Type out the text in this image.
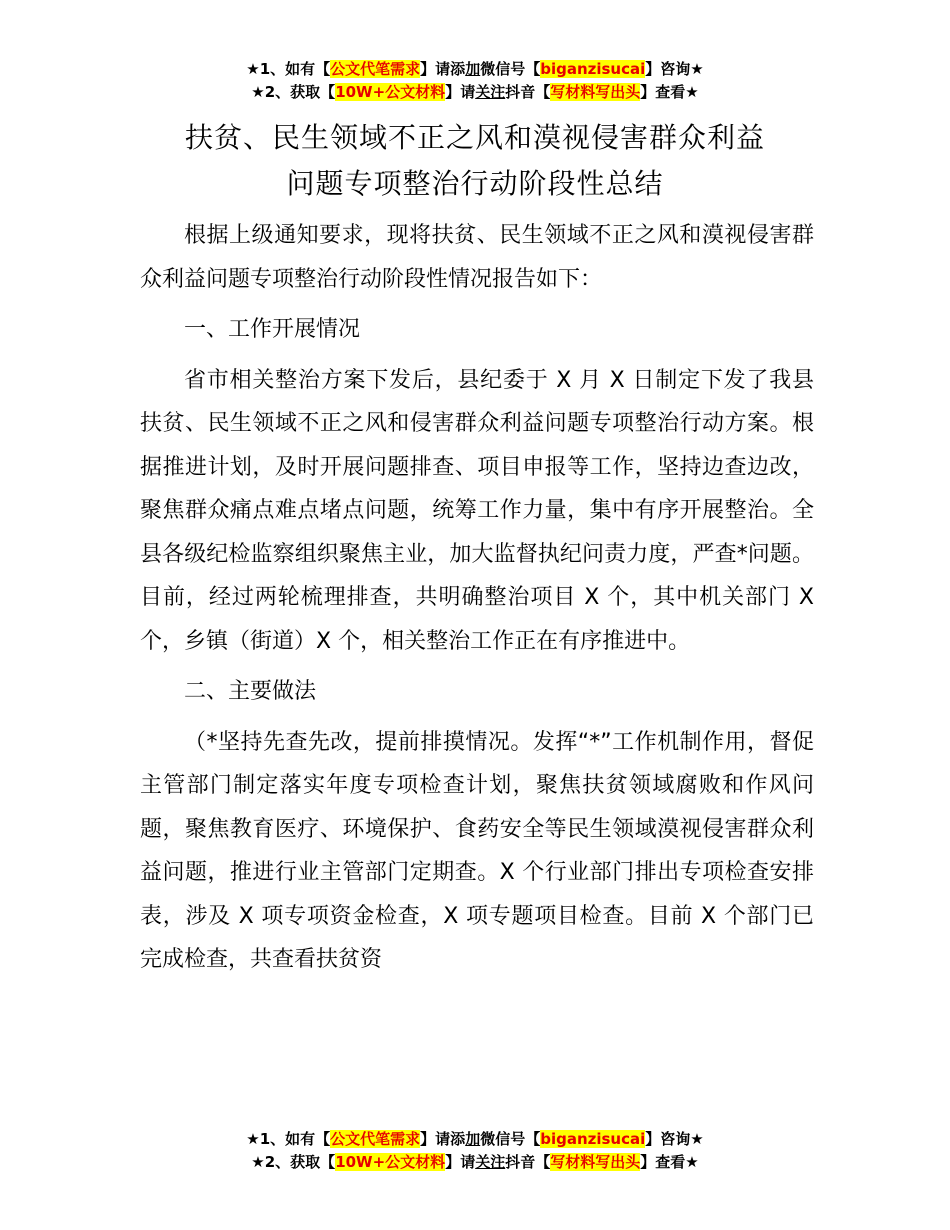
★1、如有【公文代笔需求】请添加微信号【biganzisucai】咨询★
★2、获取【10W+公文材料】请关注抖音【写材料写出头】查看★
扶贫、民生领域不正之风和漠视侵害群众利益
问题专项整治行动阶段性总结

根据上级通知要求，现将扶贫、民生领域不正之风和漠视侵害群众利益问题专项整治行动阶段性情况报告如下：

一、工作开展情况

省市相关整治方案下发后，县纪委于 X 月 X 日制定下发了我县扶贫、民生领域不正之风和侵害群众利益问题专项整治行动方案。根据推进计划，及时开展问题排查、项目申报等工作，坚持边查边改，聚焦群众痛点难点堵点问题，统筹工作力量，集中有序开展整治。全县各级纪检监察组织聚焦主业，加大监督执纪问责力度，严查*问题。目前，经过两轮梳理排查，共明确整治项目 X 个，其中机关部门 X 个，乡镇（街道）X 个，相关整治工作正在有序推进中。

二、主要做法

（*坚持先查先改，提前排摸情况。发挥“*”工作机制作用，督促主管部门制定落实年度专项检查计划，聚焦扶贫领域腐败和作风问题，聚焦教育医疗、环境保护、食药安全等民生领域漠视侵害群众利益问题，推进行业主管部门定期查。X 个行业部门排出专项检查安排表，涉及 X 项专项资金检查，X 项专题项目检查。目前 X 个部门已完成检查，共查看扶贫资

★1、如有【公文代笔需求】请添加微信号【biganzisucai】咨询★
★2、获取【10W+公文材料】请关注抖音【写材料写出头】查看★
